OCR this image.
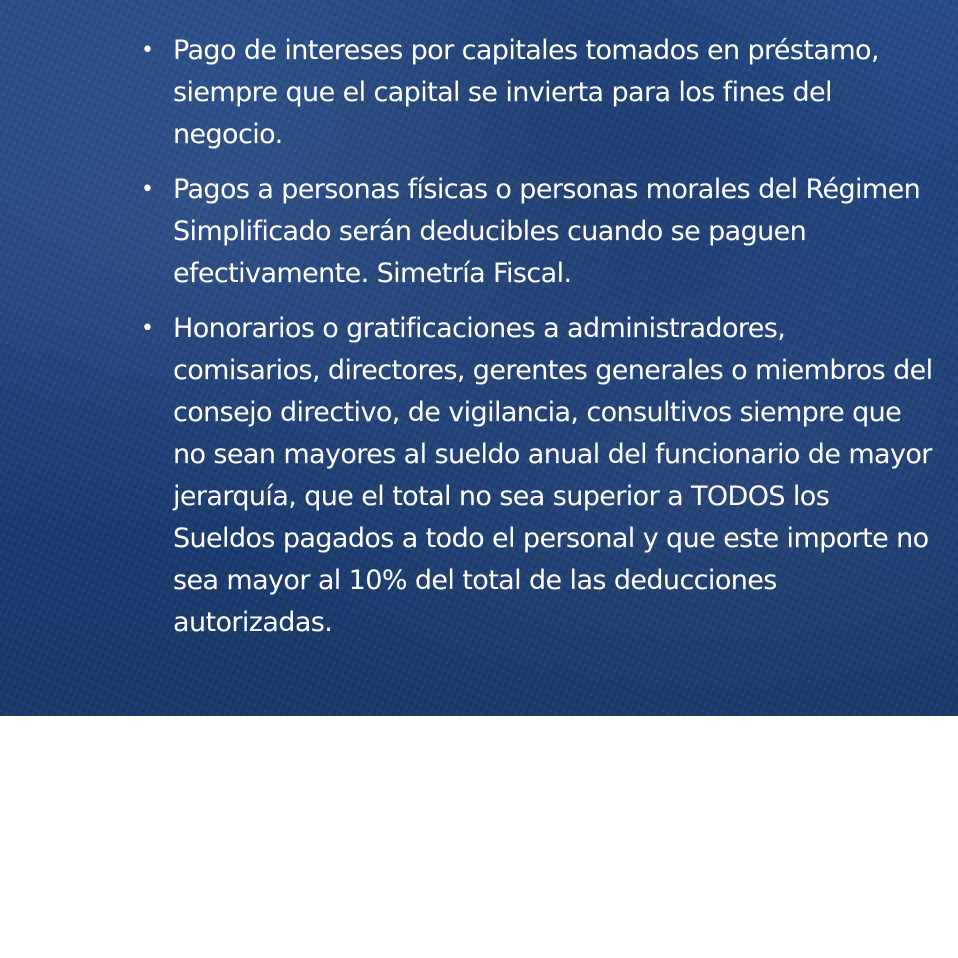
• Pago de intereses por capitales tomados en préstamo, siempre que el capital se invierta para los fines del negocio.
• Pagos a personas físicas o personas morales del Régimen Simplificado serán deducibles cuando se paguen efectivamente. Simetría Fiscal.
• Honorarios o gratificaciones a administradores, comisarios, directores, gerentes generales o miembros del consejo directivo, de vigilancia, consultivos siempre que no sean mayores al sueldo anual del funcionario de mayor jerarquía, que el total no sea superior a TODOS los Sueldos pagados a todo el personal y que este importe no sea mayor al 10% del total de las deducciones autorizadas.
